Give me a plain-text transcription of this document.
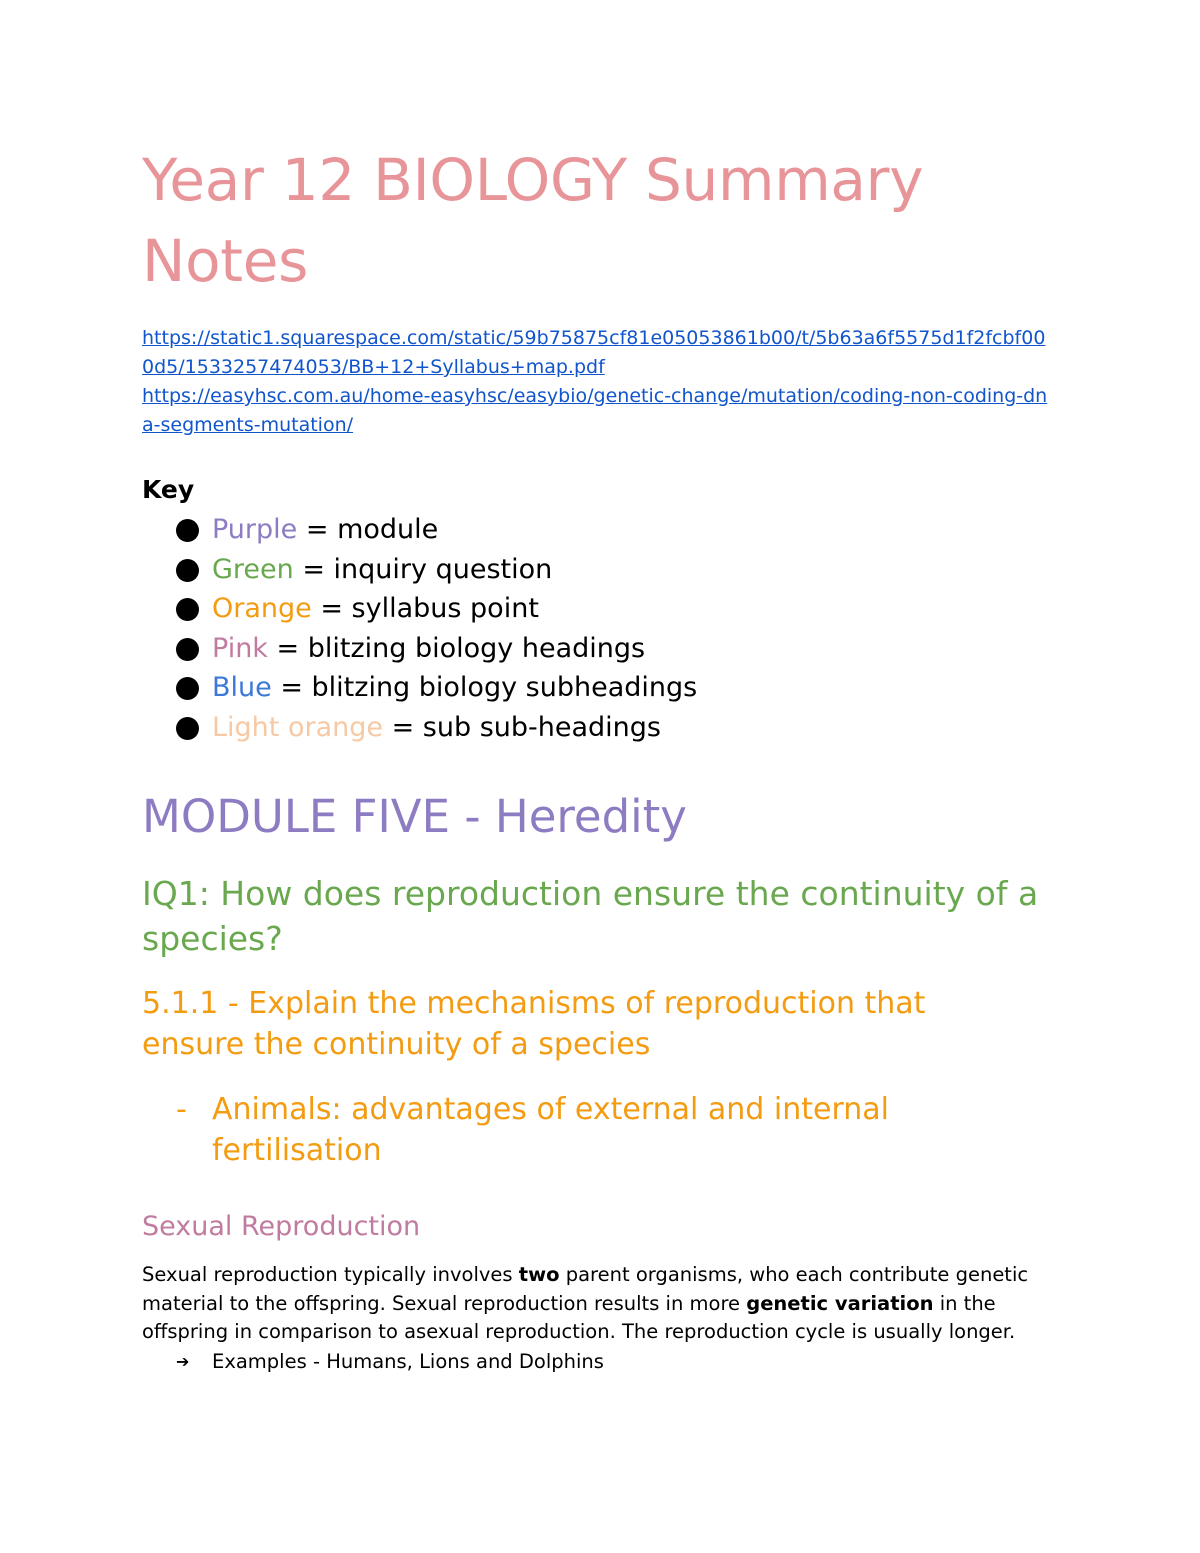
Year 12 BIOLOGY Summary Notes
https://static1.squarespace.com/static/59b75875cf81e05053861b00/t/5b63a6f5575d1f2fcbf000d5/1533257474053/BB+12+Syllabus+map.pdf
https://easyhsc.com.au/home-easyhsc/easybio/genetic-change/mutation/coding-non-coding-dna-segments-mutation/
Key
Purple = module
Green = inquiry question
Orange = syllabus point
Pink = blitzing biology headings
Blue = blitzing biology subheadings
Light orange = sub sub-headings
MODULE FIVE - Heredity
IQ1: How does reproduction ensure the continuity of a species?
5.1.1 - Explain the mechanisms of reproduction that ensure the continuity of a species
- Animals: advantages of external and internal fertilisation
Sexual Reproduction

Sexual reproduction typically involves two parent organisms, who each contribute genetic material to the offspring. Sexual reproduction results in more genetic variation in the offspring in comparison to asexual reproduction. The reproduction cycle is usually longer.

➔ Examples - Humans, Lions and Dolphins
